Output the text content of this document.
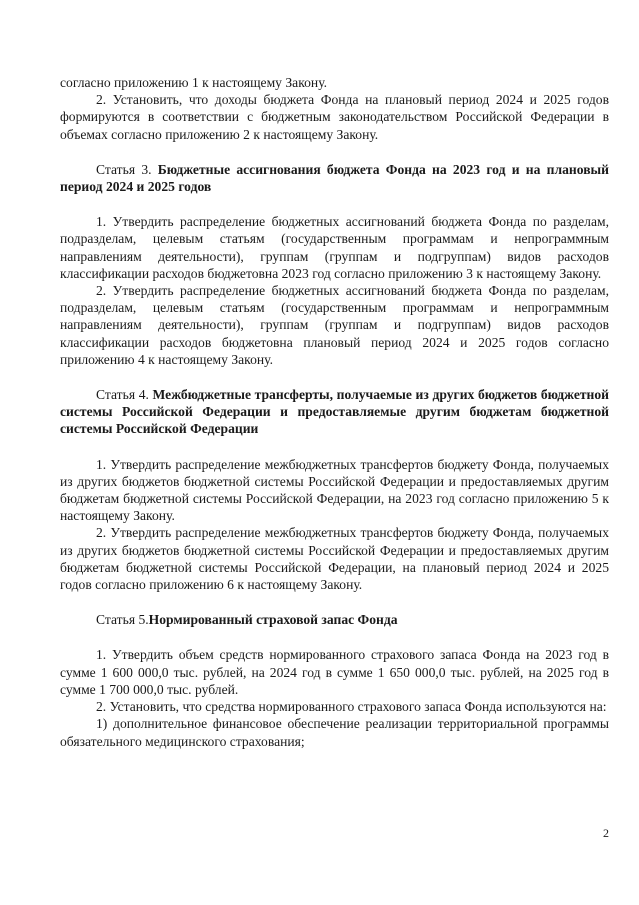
согласно приложению 1 к настоящему Закону.

2. Установить, что доходы бюджета Фонда на плановый период 2024 и 2025 годов формируются в соответствии с бюджетным законодательством Российской Федерации в объемах согласно приложению 2 к настоящему Закону.

Статья 3. Бюджетные ассигнования бюджета Фонда на 2023 год и на плановый период 2024 и 2025 годов

1. Утвердить распределение бюджетных ассигнований бюджета Фонда по разделам, подразделам, целевым статьям (государственным программам и непрограммным направлениям деятельности), группам (группам и подгруппам) видов расходов классификации расходов бюджетовна 2023 год согласно приложению 3 к настоящему Закону.

2. Утвердить распределение бюджетных ассигнований бюджета Фонда по разделам, подразделам, целевым статьям (государственным программам и непрограммным направлениям деятельности), группам (группам и подгруппам) видов расходов классификации расходов бюджетовна плановый период 2024 и 2025 годов согласно приложению 4 к настоящему Закону.

Статья 4. Межбюджетные трансферты, получаемые из других бюджетов бюджетной системы Российской Федерации и предоставляемые другим бюджетам бюджетной системы Российской Федерации

1. Утвердить распределение межбюджетных трансфертов бюджету Фонда, получаемых из других бюджетов бюджетной системы Российской Федерации и предоставляемых другим бюджетам бюджетной системы Российской Федерации, на 2023 год согласно приложению 5 к настоящему Закону.

2. Утвердить распределение межбюджетных трансфертов бюджету Фонда, получаемых из других бюджетов бюджетной системы Российской Федерации и предоставляемых другим бюджетам бюджетной системы Российской Федерации, на плановый период 2024 и 2025 годов согласно приложению 6 к настоящему Закону.

Статья 5.Нормированный страховой запас Фонда

1. Утвердить объем средств нормированного страхового запаса Фонда на 2023 год в сумме 1 600 000,0 тыс. рублей, на 2024 год в сумме 1 650 000,0 тыс. рублей, на 2025 год в сумме 1 700 000,0 тыс. рублей.

2. Установить, что средства нормированного страхового запаса Фонда используются на:

1) дополнительное финансовое обеспечение реализации территориальной программы обязательного медицинского страхования;

2
